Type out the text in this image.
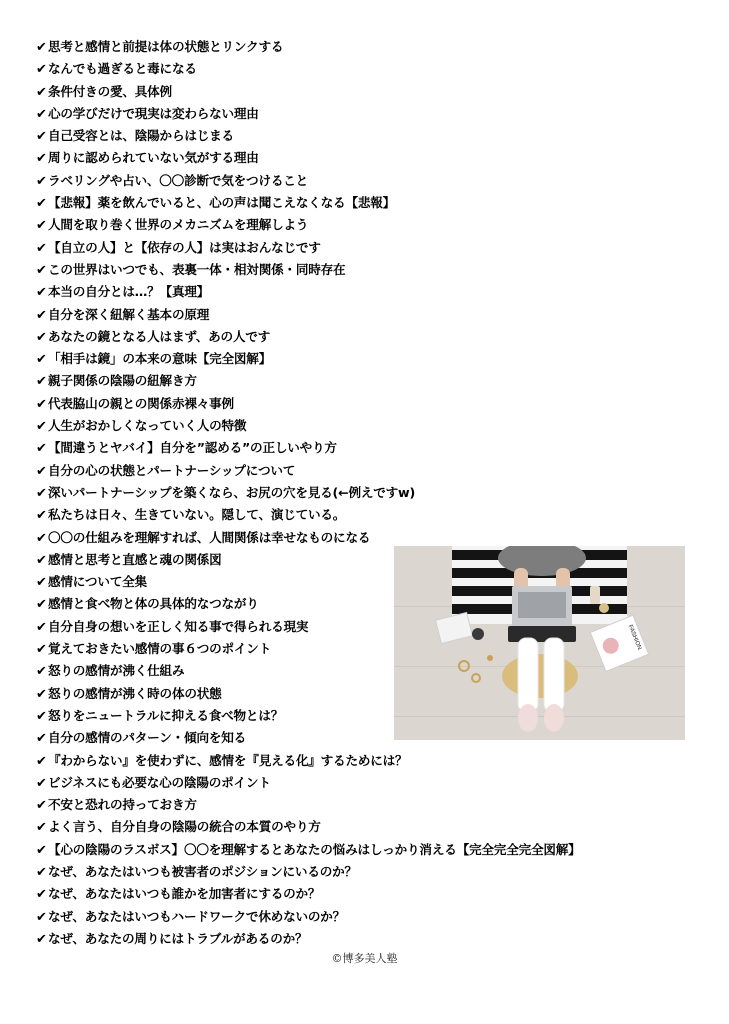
✔思考と感情と前提は体の状態とリンクする
✔なんでも過ぎると毒になる
✔条件付きの愛、具体例
✔心の学びだけで現実は変わらない理由
✔自己受容とは、陰陽からはじまる
✔周りに認められていない気がする理由
✔ラベリングや占い、〇〇診断で気をつけること
✔【悲報】薬を飲んでいると、心の声は聞こえなくなる【悲報】
✔人間を取り巻く世界のメカニズムを理解しよう
✔【自立の人】と【依存の人】は実はおんなじです
✔この世界はいつでも、表裏一体・相対関係・同時存在
✔本当の自分とは…？【真理】
✔自分を深く紐解く基本の原理
✔あなたの鏡となる人はまず、あの人です
✔「相手は鏡」の本来の意味【完全図解】
✔親子関係の陰陽の紐解き方
✔代表脇山の親との関係赤裸々事例
✔人生がおかしくなっていく人の特徴
✔【間違うとヤバイ】自分を”認める”の正しいやり方
✔自分の心の状態とパートナーシップについて
✔深いパートナーシップを築くなら、お尻の穴を見る(←例えですw)
✔私たちは日々、生きていない。隠して、演じている。
✔〇〇の仕組みを理解すれば、人間関係は幸せなものになる
✔感情と思考と直感と魂の関係図
✔感情について全集
✔感情と食べ物と体の具体的なつながり
✔自分自身の想いを正しく知る事で得られる現実
✔覚えておきたい感情の事６つのポイント
✔怒りの感情が沸く仕組み
✔怒りの感情が沸く時の体の状態
✔怒りをニュートラルに抑える食べ物とは？
✔自分の感情のパターン・傾向を知る
✔『わからない』を使わずに、感情を『見える化』するためには？
✔ビジネスにも必要な心の陰陽のポイント
✔不安と恐れの持っておき方
✔よく言う、自分自身の陰陽の統合の本質のやり方
✔【心の陰陽のラスボス】〇〇を理解するとあなたの悩みはしっかり消える【完全完全完全図解】
✔なぜ、あなたはいつも被害者のポジションにいるのか？
✔なぜ、あなたはいつも誰かを加害者にするのか？
✔なぜ、あなたはいつもハードワークで休めないのか？
✔なぜ、あなたの周りにはトラブルがあるのか？
FASHION
©博多美人塾
